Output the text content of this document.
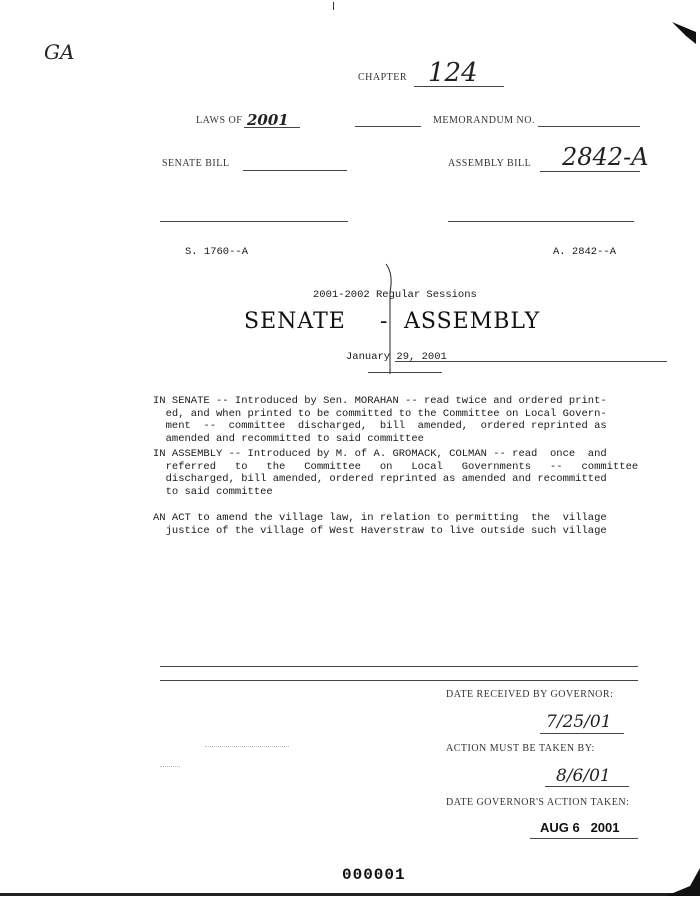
GA
CHAPTER 124
LAWS OF 2001	MEMORANDUM NO.
SENATE BILL	ASSEMBLY BILL 2842-A
S. 1760--A	A. 2842--A
2001-2002 Regular Sessions
SENATE - ASSEMBLY
January 29, 2001
IN SENATE -- Introduced by Sen. MORAHAN -- read twice and ordered print-
ed, and when printed to be committed to the Committee on Local Govern-
ment  --  committee  discharged,  bill  amended,  ordered reprinted as
amended and recommitted to said committee
IN ASSEMBLY -- Introduced by M. of A. GROMACK, COLMAN -- read  once  and
referred   to   the   Committee   on   Local   Governments   --   committee
discharged, bill amended, ordered reprinted as amended and recommitted
to said committee
AN ACT to amend the village law, in relation to permitting  the  village
justice of the village of West Haverstraw to live outside such village
DATE RECEIVED BY GOVERNOR:
7/25/01
ACTION MUST BE TAKEN BY:
8/6/01
DATE GOVERNOR'S ACTION TAKEN:
AUG 6   2001
000001
